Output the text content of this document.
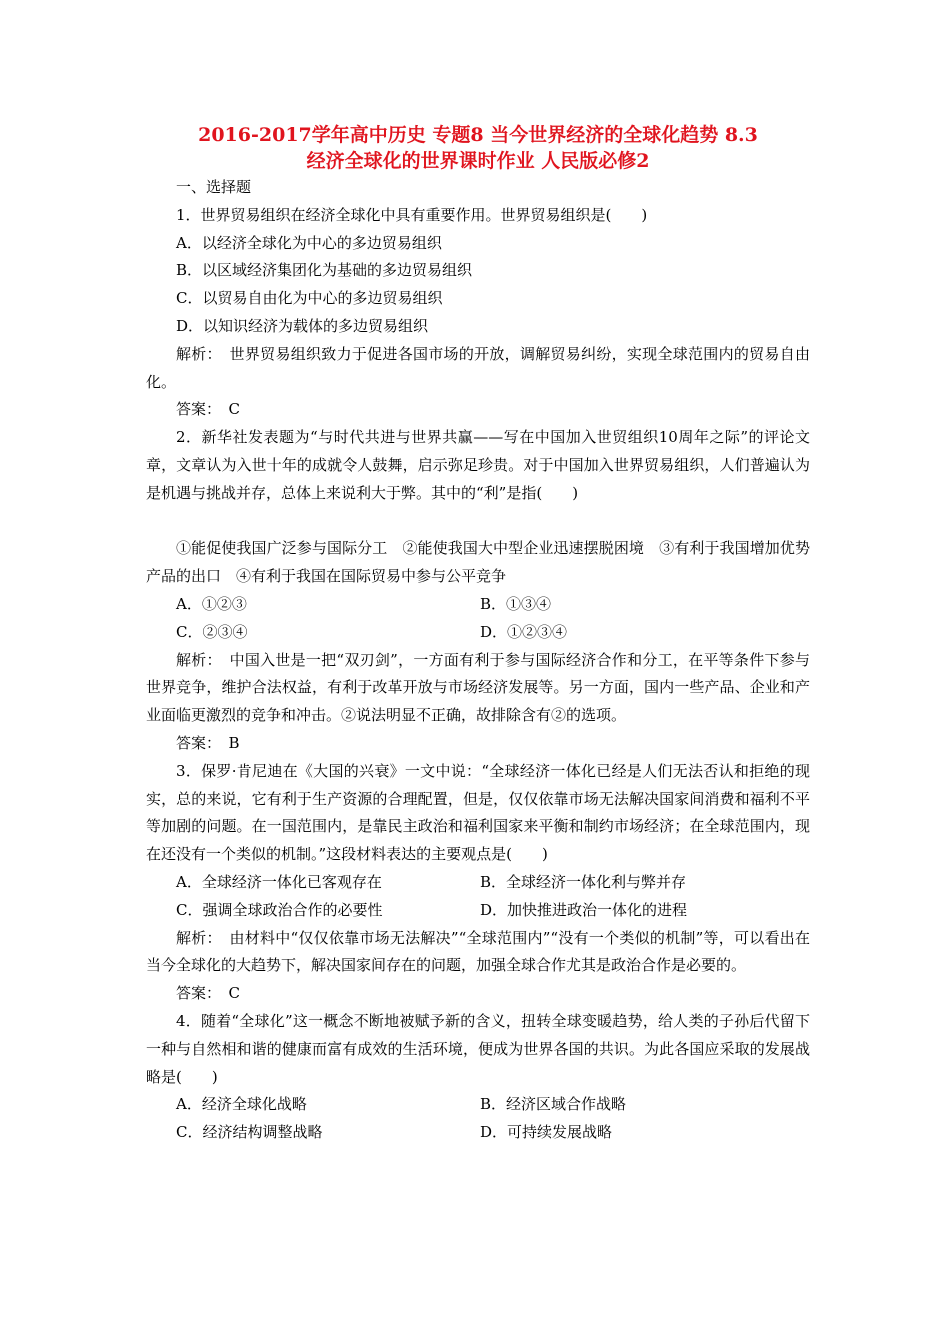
2016-2017学年高中历史 专题8 当今世界经济的全球化趋势 8.3
经济全球化的世界课时作业 人民版必修2
一、选择题
1．世界贸易组织在经济全球化中具有重要作用。世界贸易组织是(　　)
A．以经济全球化为中心的多边贸易组织
B．以区域经济集团化为基础的多边贸易组织
C．以贸易自由化为中心的多边贸易组织
D．以知识经济为载体的多边贸易组织

解析：　世界贸易组织致力于促进各国市场的开放，调解贸易纠纷，实现全球范围内的贸易自由化。

答案：　C

2．新华社发表题为“与时代共进与世界共赢——写在中国加入世贸组织10周年之际”的评论文章，文章认为入世十年的成就令人鼓舞，启示弥足珍贵。对于中国加入世界贸易组织，人们普遍认为是机遇与挑战并存，总体上来说利大于弊。其中的“利”是指(　　)

①能促使我国广泛参与国际分工　②能使我国大中型企业迅速摆脱困境　③有利于我国增加优势产品的出口　④有利于我国在国际贸易中参与公平竞争

A．①②③	B．①③④
C．②③④	D．①②③④

解析：　中国入世是一把“双刃剑”，一方面有利于参与国际经济合作和分工，在平等条件下参与世界竞争，维护合法权益，有利于改革开放与市场经济发展等。另一方面，国内一些产品、企业和产业面临更激烈的竞争和冲击。②说法明显不正确，故排除含有②的选项。

答案：　B

3．保罗·肯尼迪在《大国的兴衰》一文中说：“全球经济一体化已经是人们无法否认和拒绝的现实，总的来说，它有利于生产资源的合理配置，但是，仅仅依靠市场无法解决国家间消费和福利不平等加剧的问题。在一国范围内，是靠民主政治和福利国家来平衡和制约市场经济；在全球范围内，现在还没有一个类似的机制。”这段材料表达的主要观点是(　　)

A．全球经济一体化已客观存在	B．全球经济一体化利与弊并存
C．强调全球政治合作的必要性	D．加快推进政治一体化的进程

解析：　由材料中“仅仅依靠市场无法解决”“全球范围内”“没有一个类似的机制”等，可以看出在当今全球化的大趋势下，解决国家间存在的问题，加强全球合作尤其是政治合作是必要的。

答案：　C

4．随着“全球化”这一概念不断地被赋予新的含义，扭转全球变暖趋势，给人类的子孙后代留下一种与自然相和谐的健康而富有成效的生活环境，便成为世界各国的共识。为此各国应采取的发展战略是(　　)

A．经济全球化战略	B．经济区域合作战略
C．经济结构调整战略	D．可持续发展战略
